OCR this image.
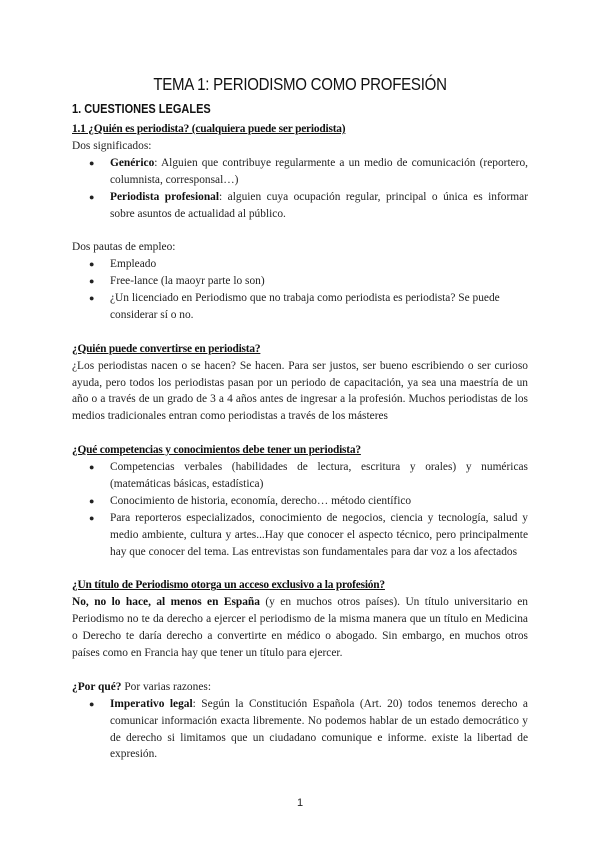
TEMA 1: PERIODISMO COMO PROFESIÓN
1. CUESTIONES LEGALES

1.1 ¿Quién es periodista? (cualquiera puede ser periodista)

Dos significados:

● Genérico: Alguien que contribuye regularmente a un medio de comunicación (reportero, columnista, corresponsal…)
● Periodista profesional: alguien cuya ocupación regular, principal o única es informar sobre asuntos de actualidad al público.

Dos pautas de empleo:

● Empleado
● Free-lance (la maoyr parte lo son)
● ¿Un licenciado en Periodismo que no trabaja como periodista es periodista? Se puede considerar sí o no.

¿Quién puede convertirse en periodista?

¿Los periodistas nacen o se hacen? Se hacen. Para ser justos, ser bueno escribiendo o ser curioso ayuda, pero todos los periodistas pasan por un periodo de capacitación, ya sea una maestría de un año o a través de un grado de 3 a 4 años antes de ingresar a la profesión. Muchos periodistas de los medios tradicionales entran como periodistas a través de los másteres

¿Qué competencias y conocimientos debe tener un periodista?

● Competencias verbales (habilidades de lectura, escritura y orales) y numéricas (matemáticas básicas, estadística)
● Conocimiento de historia, economía, derecho… método científico
● Para reporteros especializados, conocimiento de negocios, ciencia y tecnología, salud y medio ambiente, cultura y artes...Hay que conocer el aspecto técnico, pero principalmente hay que conocer del tema. Las entrevistas son fundamentales para dar voz a los afectados

¿Un título de Periodismo otorga un acceso exclusivo a la profesión?

No, no lo hace, al menos en España (y en muchos otros países). Un título universitario en Periodismo no te da derecho a ejercer el periodismo de la misma manera que un título en Medicina o Derecho te daría derecho a convertirte en médico o abogado. Sin embargo, en muchos otros países como en Francia hay que tener un título para ejercer.

¿Por qué? Por varias razones:

● Imperativo legal: Según la Constitución Española (Art. 20) todos tenemos derecho a comunicar información exacta libremente. No podemos hablar de un estado democrático y de derecho si limitamos que un ciudadano comunique e informe. existe la libertad de expresión.
1
